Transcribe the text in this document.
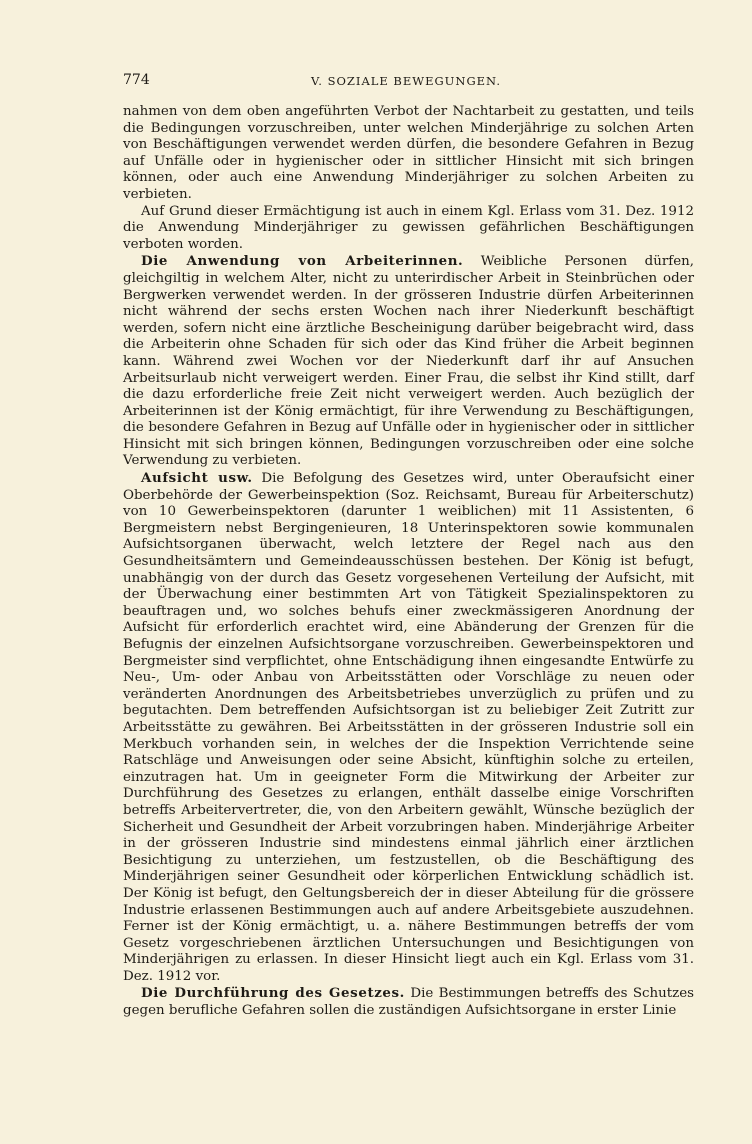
774	V. SOZIALE BEWEGUNGEN.

nahmen von dem oben angeführten Verbot der Nachtarbeit zu gestatten, und teils die Bedingungen vorzuschreiben, unter welchen Minderjährige zu solchen Arten von Beschäftigungen verwendet werden dürfen, die besondere Gefahren in Bezug auf Unfälle oder in hygienischer oder in sittlicher Hinsicht mit sich bringen können, oder auch eine Anwendung Minderjähriger zu solchen Arbeiten zu verbieten.

Auf Grund dieser Ermächtigung ist auch in einem Kgl. Erlass vom 31. Dez. 1912 die Anwendung Minderjähriger zu gewissen gefährlichen Beschäftigungen verboten worden.

Die Anwendung von Arbeiterinnen. Weibliche Personen dürfen, gleichgiltig in welchem Alter, nicht zu unterirdischer Arbeit in Steinbrüchen oder Bergwerken verwendet werden. In der grösseren Industrie dürfen Arbeiterinnen nicht während der sechs ersten Wochen nach ihrer Niederkunft beschäftigt werden, sofern nicht eine ärztliche Bescheinigung darüber beigebracht wird, dass die Arbeiterin ohne Schaden für sich oder das Kind früher die Arbeit beginnen kann. Während zwei Wochen vor der Niederkunft darf ihr auf Ansuchen Arbeitsurlaub nicht verweigert werden. Einer Frau, die selbst ihr Kind stillt, darf die dazu erforderliche freie Zeit nicht verweigert werden. Auch bezüglich der Arbeiterinnen ist der König ermächtigt, für ihre Verwendung zu Beschäftigungen, die besondere Gefahren in Bezug auf Unfälle oder in hygienischer oder in sittlicher Hinsicht mit sich bringen können, Bedingungen vorzuschreiben oder eine solche Verwendung zu verbieten.

Aufsicht usw. Die Befolgung des Gesetzes wird, unter Oberaufsicht einer Oberbehörde der Gewerbeinspektion (Soz. Reichsamt, Bureau für Arbeiterschutz) von 10 Gewerbeinspektoren (darunter 1 weiblichen) mit 11 Assistenten, 6 Bergmeistern nebst Bergingenieuren, 18 Unterinspektoren sowie kommunalen Aufsichtsorganen überwacht, welch letztere der Regel nach aus den Gesundheitsämtern und Gemeindeausschüssen bestehen. Der König ist befugt, unabhängig von der durch das Gesetz vorgesehenen Verteilung der Aufsicht, mit der Überwachung einer bestimmten Art von Tätigkeit Spezialinspektoren zu beauftragen und, wo solches behufs einer zweckmässigeren Anordnung der Aufsicht für erforderlich erachtet wird, eine Abänderung der Grenzen für die Befugnis der einzelnen Aufsichtsorgane vorzuschreiben. Gewerbeinspektoren und Bergmeister sind verpflichtet, ohne Entschädigung ihnen eingesandte Entwürfe zu Neu-, Um- oder Anbau von Arbeitsstätten oder Vorschläge zu neuen oder veränderten Anordnungen des Arbeitsbetriebes unverzüglich zu prüfen und zu begutachten. Dem betreffenden Aufsichtsorgan ist zu beliebiger Zeit Zutritt zur Arbeitsstätte zu gewähren. Bei Arbeitsstätten in der grösseren Industrie soll ein Merkbuch vorhanden sein, in welches der die Inspektion Verrichtende seine Ratschläge und Anweisungen oder seine Absicht, künftighin solche zu erteilen, einzutragen hat. Um in geeigneter Form die Mitwirkung der Arbeiter zur Durchführung des Gesetzes zu erlangen, enthält dasselbe einige Vorschriften betreffs Arbeitervertreter, die, von den Arbeitern gewählt, Wünsche bezüglich der Sicherheit und Gesundheit der Arbeit vorzubringen haben. Minderjährige Arbeiter in der grösseren Industrie sind mindestens einmal jährlich einer ärztlichen Besichtigung zu unterziehen, um festzustellen, ob die Beschäftigung des Minderjährigen seiner Gesundheit oder körperlichen Entwicklung schädlich ist. Der König ist befugt, den Geltungsbereich der in dieser Abteilung für die grössere Industrie erlassenen Bestimmungen auch auf andere Arbeitsgebiete auszudehnen. Ferner ist der König ermächtigt, u. a. nähere Bestimmungen betreffs der vom Gesetz vorgeschriebenen ärztlichen Untersuchungen und Besichtigungen von Minderjährigen zu erlassen. In dieser Hinsicht liegt auch ein Kgl. Erlass vom 31. Dez. 1912 vor.

Die Durchführung des Gesetzes. Die Bestimmungen betreffs des Schutzes gegen berufliche Gefahren sollen die zuständigen Aufsichtsorgane in erster Linie
